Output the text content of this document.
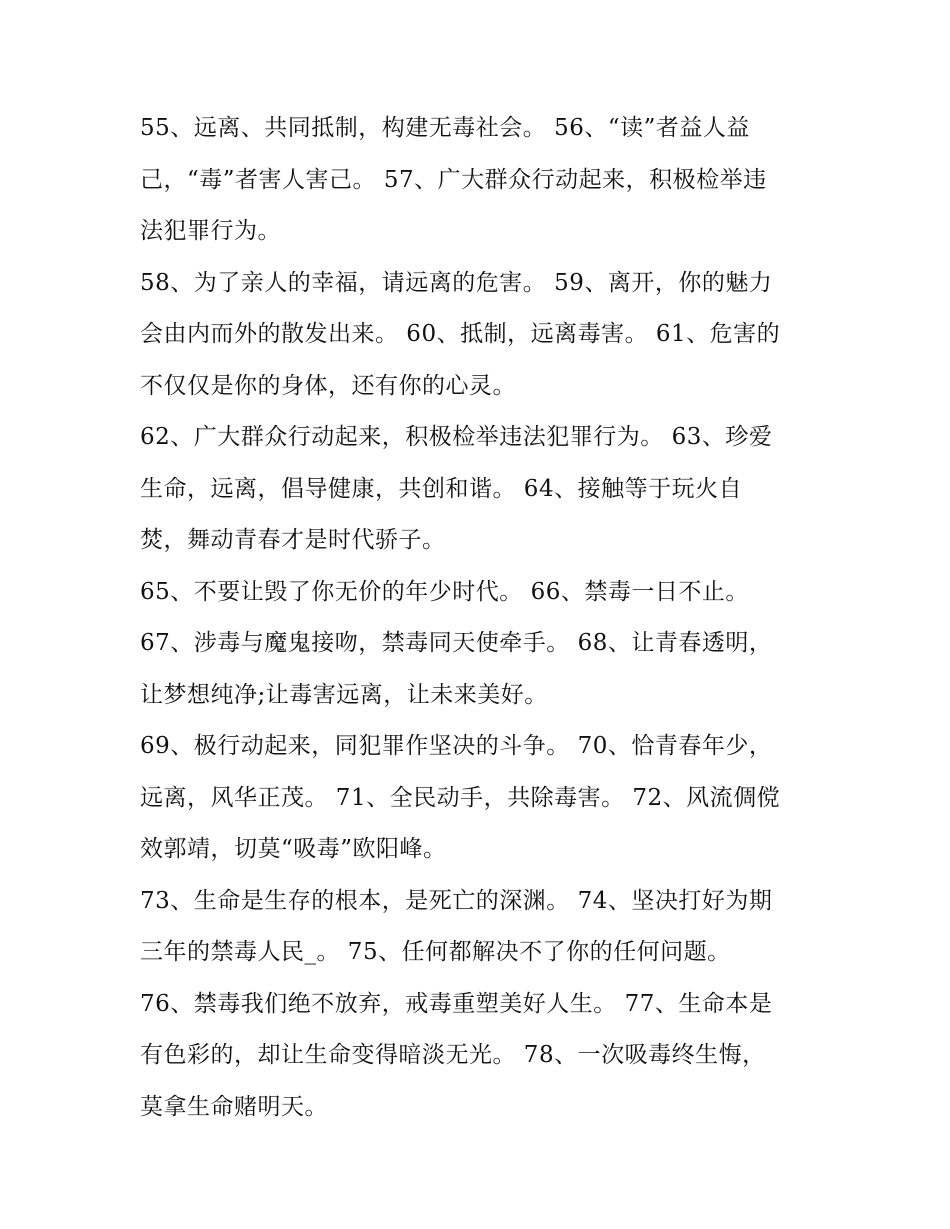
55、远离、共同抵制，构建无毒社会。 56、“读”者益人益
己，“毒”者害人害己。 57、广大群众行动起来，积极检举违
法犯罪行为。

58、为了亲人的幸福，请远离的危害。 59、离开，你的魅力
会由内而外的散发出来。 60、抵制，远离毒害。 61、危害的
不仅仅是你的身体，还有你的心灵。

62、广大群众行动起来，积极检举违法犯罪行为。 63、珍爱
生命，远离，倡导健康，共创和谐。 64、接触等于玩火自
焚，舞动青春才是时代骄子。

65、不要让毁了你无价的年少时代。 66、禁毒一日不止。

67、涉毒与魔鬼接吻，禁毒同天使牵手。 68、让青春透明，
让梦想纯净;让毒害远离，让未来美好。

69、极行动起来，同犯罪作坚决的斗争。 70、恰青春年少，
远离，风华正茂。 71、全民动手，共除毒害。 72、风流倜傥
效郭靖，切莫“吸毒”欧阳峰。

73、生命是生存的根本，是死亡的深渊。 74、坚决打好为期
三年的禁毒人民_。 75、任何都解决不了你的任何问题。

76、禁毒我们绝不放弃，戒毒重塑美好人生。 77、生命本是
有色彩的，却让生命变得暗淡无光。 78、一次吸毒终生悔，
莫拿生命赌明天。
